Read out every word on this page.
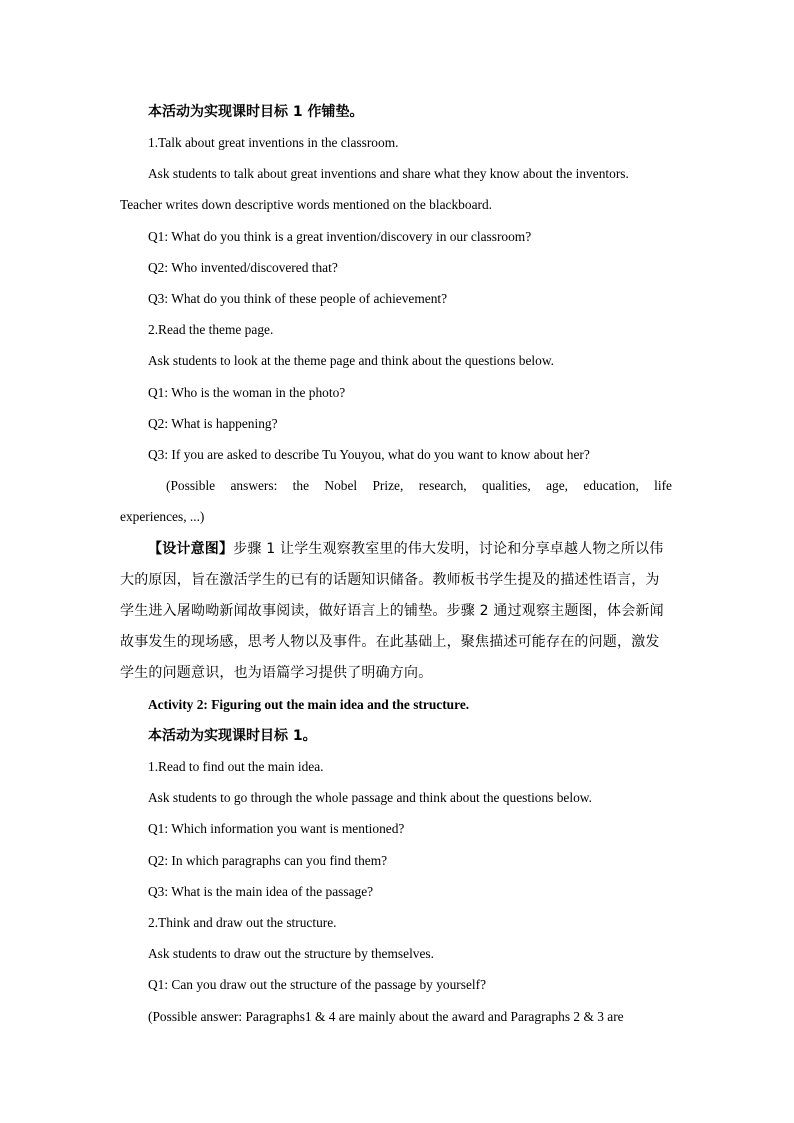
本活动为实现课时目标 1 作铺垫。
1.Talk about great inventions in the classroom.
Ask students to talk about great inventions and share what they know about the inventors.
Teacher writes down descriptive words mentioned on the blackboard.
Q1: What do you think is a great invention/discovery in our classroom?
Q2: Who invented/discovered that?
Q3: What do you think of these people of achievement?
2.Read the theme page.
Ask students to look at the theme page and think about the questions below.
Q1: Who is the woman in the photo?
Q2: What is happening?
Q3: If you are asked to describe Tu Youyou, what do you want to know about her?
(Possible answers: the Nobel Prize, research, qualities, age, education, life
experiences, ...)
【设计意图】步骤 1 让学生观察教室里的伟大发明，讨论和分享卓越人物之所以伟
大的原因，旨在激活学生的已有的话题知识储备。教师板书学生提及的描述性语言，为
学生进入屠呦呦新闻故事阅读，做好语言上的铺垫。步骤 2 通过观察主题图，体会新闻
故事发生的现场感，思考人物以及事件。在此基础上，聚焦描述可能存在的问题，激发
学生的问题意识，也为语篇学习提供了明确方向。
Activity 2: Figuring out the main idea and the structure.
本活动为实现课时目标 1。
1.Read to find out the main idea.
Ask students to go through the whole passage and think about the questions below.
Q1: Which information you want is mentioned?
Q2: In which paragraphs can you find them?
Q3: What is the main idea of the passage?
2.Think and draw out the structure.
Ask students to draw out the structure by themselves.
Q1: Can you draw out the structure of the passage by yourself?
(Possible answer: Paragraphs1 & 4 are mainly about the award and Paragraphs 2 & 3 are
